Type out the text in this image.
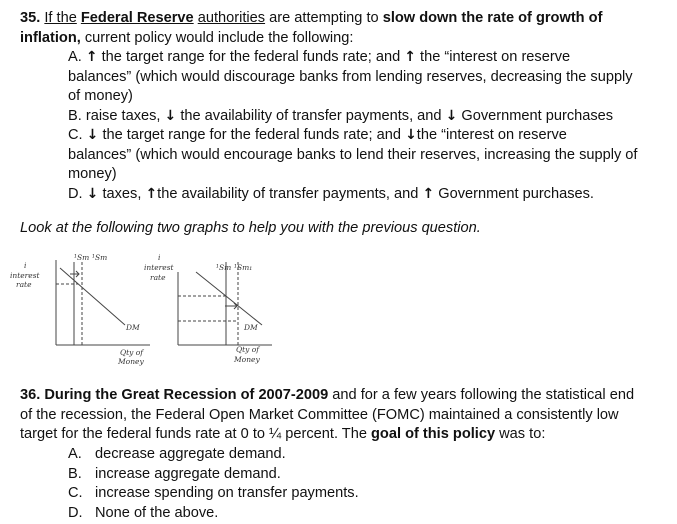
35. If the Federal Reserve authorities are attempting to slow down the rate of growth of inflation, current policy would include the following:
A. ↑ the target range for the federal funds rate; and ↑ the “interest on reserve
balances” (which would discourage banks from lending reserves, decreasing the supply
of money)
B. raise taxes, ↓ the availability of transfer payments, and ↓ Government purchases
C. ↓ the target range for the federal funds rate; and ↓the “interest on reserve
balances” (which would encourage banks to lend their reserves, increasing the supply of
money)
D. ↓ taxes, ↑the availability of transfer payments, and ↑ Government purchases.
Look at the following two graphs to help you with the previous question.
i
interest
rate
¹Sm ¹Sm
DM
Qty of
Money
i
interest
rate
¹Sm ¹Sm₁
DM
Qty of
Money
36. During the Great Recession of 2007-2009 and for a few years following the statistical end
of the recession, the Federal Open Market Committee (FOMC) maintained a consistently low
target for the federal funds rate at 0 to ¼ percent. The goal of this policy was to:
A. decrease aggregate demand.
B. increase aggregate demand.
C. increase spending on transfer payments.
D. None of the above.
